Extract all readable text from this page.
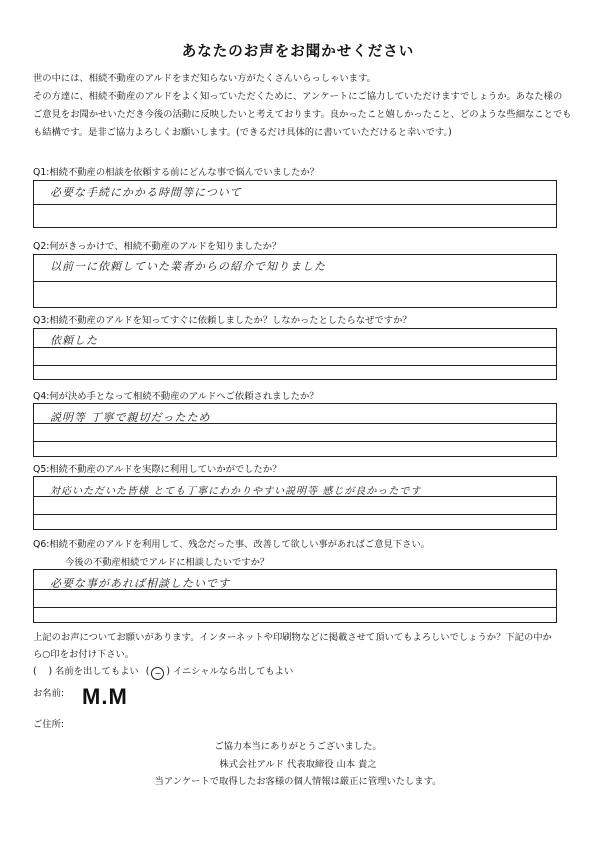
あなたのお声をお聞かせください
世の中には、相続不動産のアルドをまだ知らない方がたくさんいらっしゃいます。
その方達に、相続不動産のアルドをよく知っていただくために、アンケートにご協力していただけますでしょうか。あなた様の
ご意見をお聞かせいただき今後の活動に反映したいと考えております。良かったこと嬉しかったこと、どのような些細なことでも
も結構です。是非ご協力よろしくお願いします。(できるだけ具体的に書いていただけると幸いです。)
Q1:相続不動産の相談を依頼する前にどんな事で悩んでいましたか？
必要な手続にかかる時間等について
Q2:何がきっかけで、相続不動産のアルドを知りましたか？
以前一に依頼していた業者からの紹介で知りました
Q3:相続不動産のアルドを知ってすぐに依頼しましたか？しなかったとしたらなぜですか？
依頼した
Q4:何が決め手となって相続不動産のアルドへご依頼されましたか？
説明等 丁寧で親切だったため
Q5:相続不動産のアルドを実際に利用していかがでしたか？
対応いただいた皆様 とても丁寧にわかりやすい説明等 感じが良かったです
Q6:相続不動産のアルドを利用して、残念だった事、改善して欲しい事があればご意見下さい。
今後の不動産相続でアルドに相談したいですか？
必要な事があれば相談したいです
上記のお声についてお願いがあります。インターネットや印刷物などに掲載させて頂いてもよろしいでしょうか？下記の中か
ら○印をお付け下さい。
(    ) 名前を出してもよい ( − ) イニシャルなら出してもよい
お名前: M.M
ご住所:
ご協力本当にありがとうございました。
株式会社アルド 代表取締役 山本 貴之
当アンケートで取得したお客様の個人情報は厳正に管理いたします。
